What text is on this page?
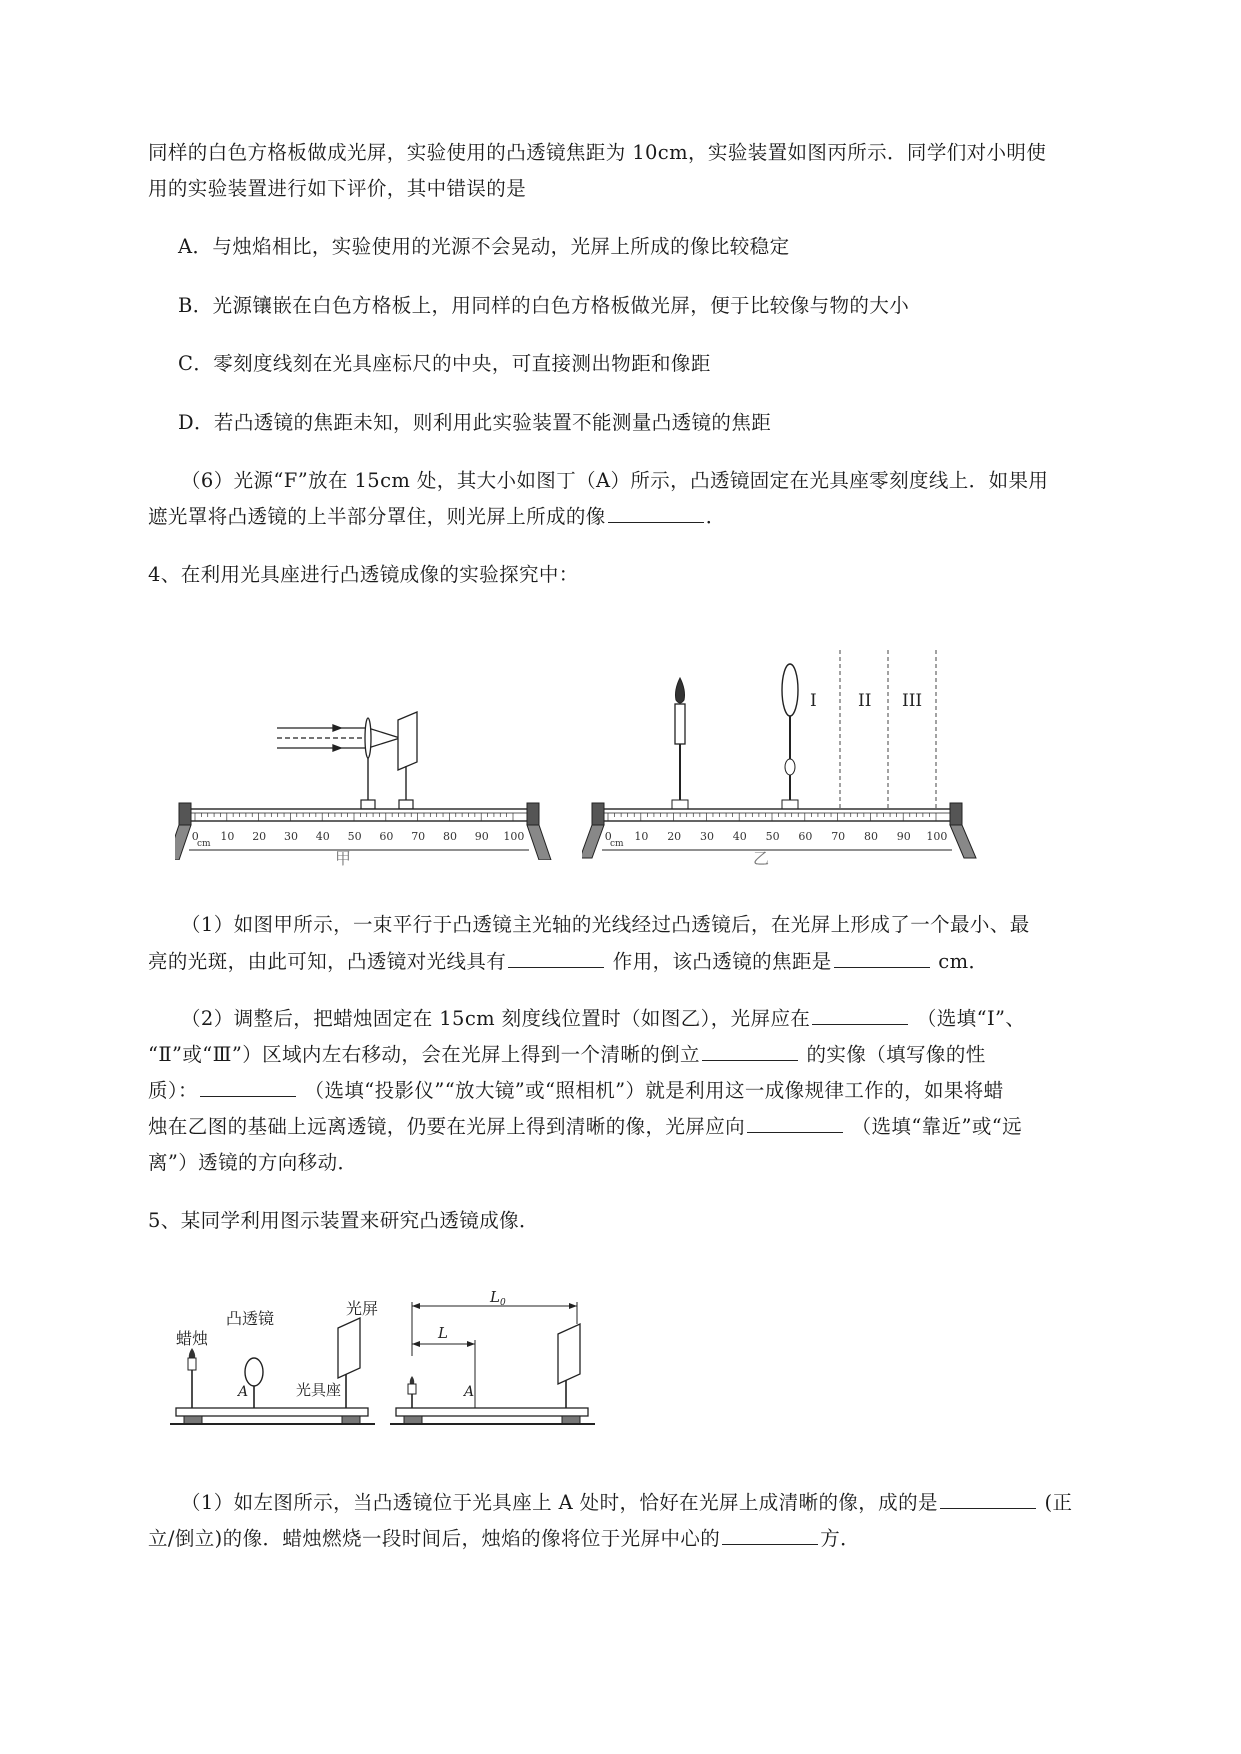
同样的白色方格板做成光屏，实验使用的凸透镜焦距为 10cm，实验装置如图丙所示．同学们对小明使
用的实验装置进行如下评价，其中错误的是
A．与烛焰相比，实验使用的光源不会晃动，光屏上所成的像比较稳定
B．光源镶嵌在白色方格板上，用同样的白色方格板做光屏，便于比较像与物的大小
C．零刻度线刻在光具座标尺的中央，可直接测出物距和像距
D．若凸透镜的焦距未知，则利用此实验装置不能测量凸透镜的焦距
（6）光源“F”放在 15cm 处，其大小如图丁（A）所示，凸透镜固定在光具座零刻度线上．如果用
遮光罩将凸透镜的上半部分罩住，则光屏上所成的像	．
4、在利用光具座进行凸透镜成像的实验探究中：
0 10 20 30 40 50 60 70 80 90 100
cm
甲
I II III
0 10 20 30 40 50 60 70 80 90 100
cm
乙
（1）如图甲所示，一束平行于凸透镜主光轴的光线经过凸透镜后，在光屏上形成了一个最小、最
亮的光斑，由此可知，凸透镜对光线具有	作用，该凸透镜的焦距是	cm．
（2）调整后，把蜡烛固定在 15cm 刻度线位置时（如图乙），光屏应在	（选填“Ⅰ”、
“Ⅱ”或“Ⅲ”）区域内左右移动，会在光屏上得到一个清晰的倒立	的实像（填写像的性
质）：	（选填“投影仪”“放大镜”或“照相机”）就是利用这一成像规律工作的，如果将蜡
烛在乙图的基础上远离透镜，仍要在光屏上得到清晰的像，光屏应向	（选填“靠近”或“远
离”）透镜的方向移动．
5、某同学利用图示装置来研究凸透镜成像．
蜡烛
凸透镜
光屏
光具座
A
$L_0$
L
A
（1）如左图所示，当凸透镜位于光具座上 A 处时，恰好在光屏上成清晰的像，成的是	(正
立/倒立)的像．蜡烛燃烧一段时间后，烛焰的像将位于光屏中心的	方．
